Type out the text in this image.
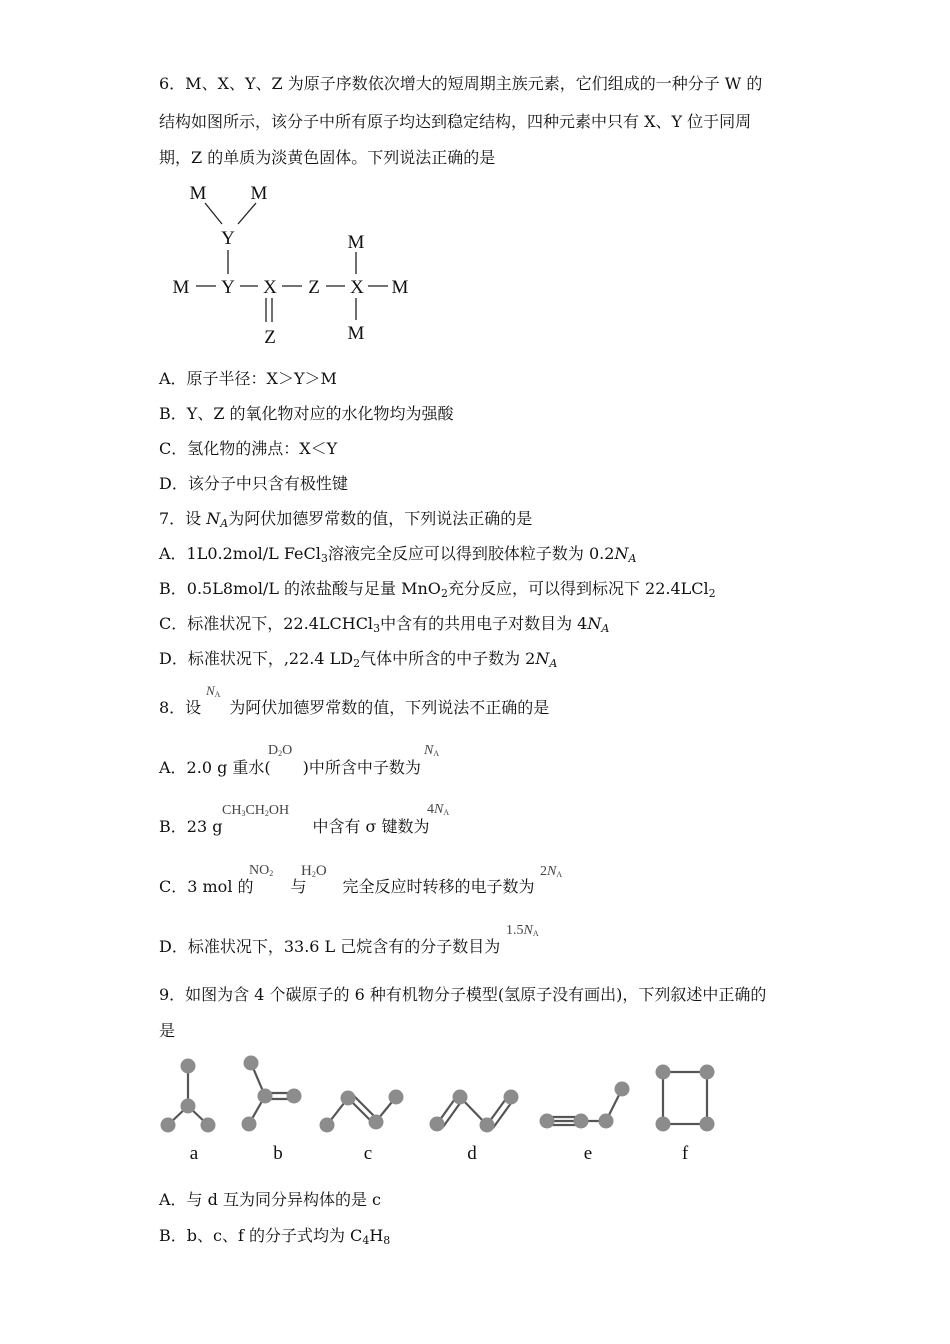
6．M、X、Y、Z 为原子序数依次增大的短周期主族元素，它们组成的一种分子 W 的
结构如图所示，该分子中所有原子均达到稳定结构，四种元素中只有 X、Y 位于同周
期，Z 的单质为淡黄色固体。下列说法正确的是
M M
Y
M Y X Z X M
M
M
Z
A．原子半径：X＞Y＞M
B．Y、Z 的氧化物对应的水化物均为强酸
C．氢化物的沸点：X＜Y
D．该分子中只含有极性键
7．设 $N_A$为阿伏加德罗常数的值，下列说法正确的是
A．1L0.2mol/L FeCl$_3$溶液完全反应可以得到胶体粒子数为 $0.2N_A$
B．0.5L8mol/L 的浓盐酸与足量 MnO$_2$充分反应，可以得到标况下 22.4LCl$_2$
C．标准状况下，22.4LCHCl$_3$中含有的共用电子对数目为 $4N_A$
D．标准状况下，,22.4 $LD_2$气体中所含的中子数为 $2N_A$
8．设 为阿伏加德罗常数的值，下列说法不正确的是
NA
A．2.0 g 重水( )中所含中子数为
D2O	NA
B．23 g	中含有 σ 键数为
CH3CH2OH	4NA
C．3 mol 的 与 完全反应时转移的电子数为
NO2 H2O	2NA
D．标准状况下，33.6 L 己烷含有的分子数目为
1.5NA
9．如图为含 4 个碳原子的 6 种有机物分子模型(氢原子没有画出)，下列叙述中正确的
是
a	b	c	d	e	f
A．与 d 互为同分异构体的是 c
B．b、c、f 的分子式均为 $C_4H_8$
